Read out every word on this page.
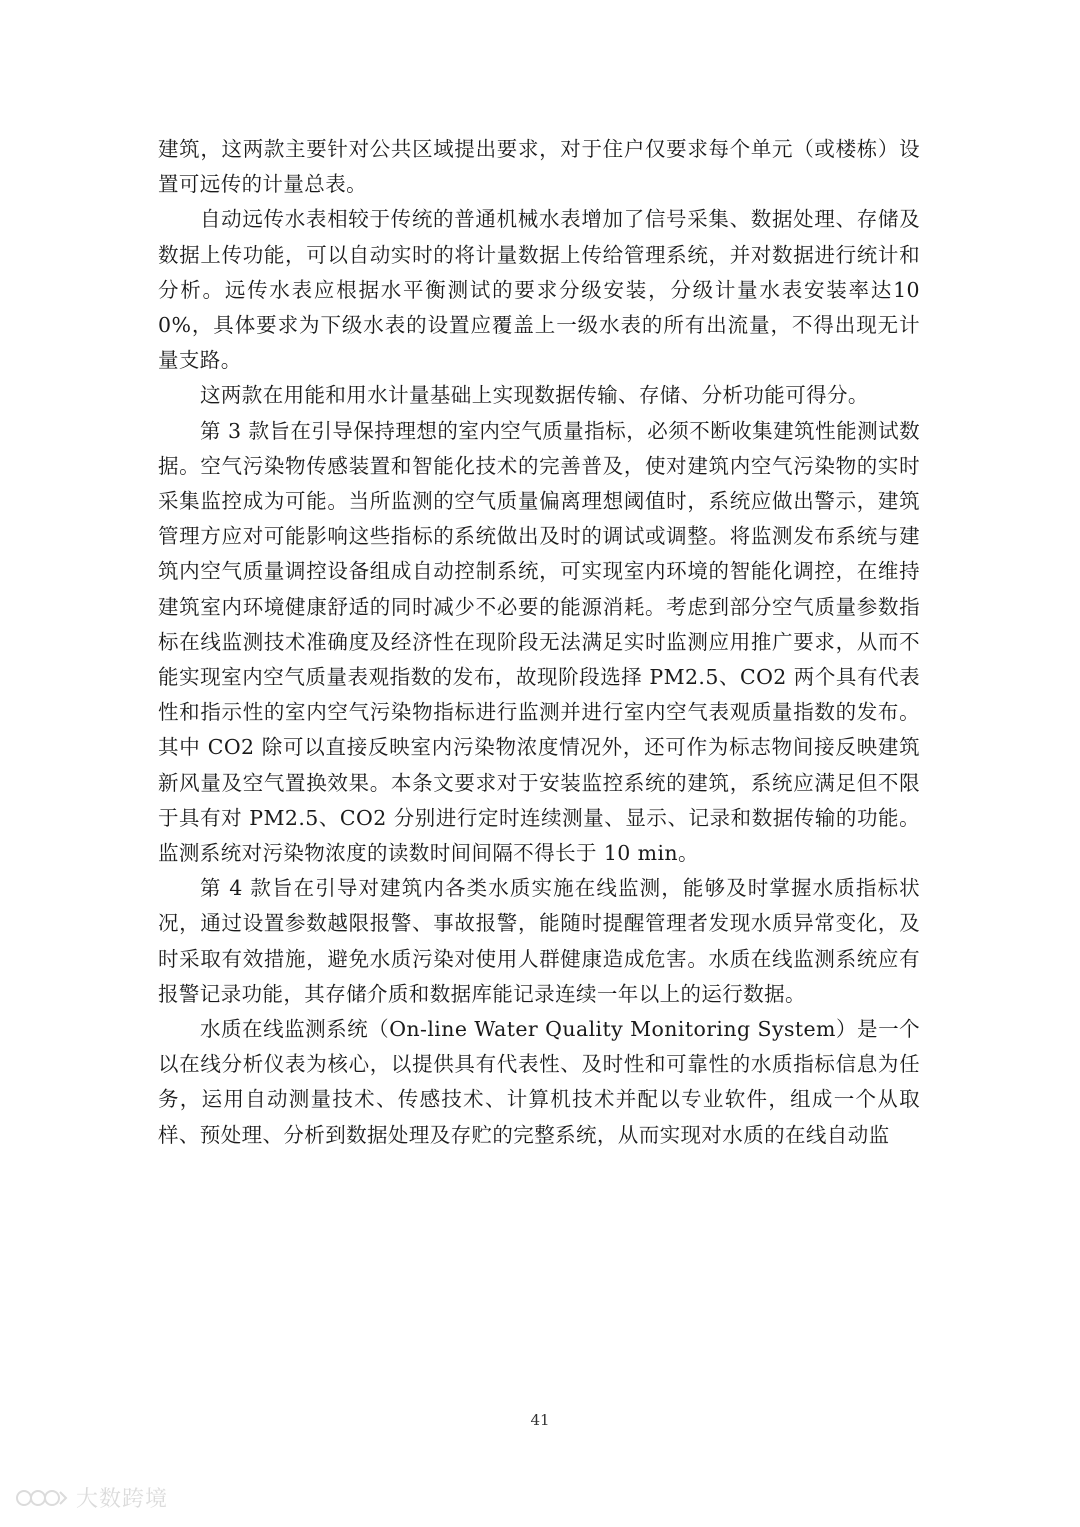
建筑，这两款主要针对公共区域提出要求，对于住户仅要求每个单元（或楼栋）设置可远传的计量总表。

自动远传水表相较于传统的普通机械水表增加了信号采集、数据处理、存储及数据上传功能，可以自动实时的将计量数据上传给管理系统，并对数据进行统计和分析。远传水表应根据水平衡测试的要求分级安装，分级计量水表安装率达100%，具体要求为下级水表的设置应覆盖上一级水表的所有出流量，不得出现无计量支路。

这两款在用能和用水计量基础上实现数据传输、存储、分析功能可得分。

第 3 款旨在引导保持理想的室内空气质量指标，必须不断收集建筑性能测试数据。空气污染物传感装置和智能化技术的完善普及，使对建筑内空气污染物的实时采集监控成为可能。当所监测的空气质量偏离理想阈值时，系统应做出警示，建筑管理方应对可能影响这些指标的系统做出及时的调试或调整。将监测发布系统与建筑内空气质量调控设备组成自动控制系统，可实现室内环境的智能化调控，在维持建筑室内环境健康舒适的同时减少不必要的能源消耗。考虑到部分空气质量参数指标在线监测技术准确度及经济性在现阶段无法满足实时监测应用推广要求，从而不能实现室内空气质量表观指数的发布，故现阶段选择 PM2.5、CO2 两个具有代表性和指示性的室内空气污染物指标进行监测并进行室内空气表观质量指数的发布。其中 CO2 除可以直接反映室内污染物浓度情况外，还可作为标志物间接反映建筑新风量及空气置换效果。本条文要求对于安装监控系统的建筑，系统应满足但不限于具有对 PM2.5、CO2 分别进行定时连续测量、显示、记录和数据传输的功能。监测系统对污染物浓度的读数时间间隔不得长于 10 min。

第 4 款旨在引导对建筑内各类水质实施在线监测，能够及时掌握水质指标状况，通过设置参数越限报警、事故报警，能随时提醒管理者发现水质异常变化，及时采取有效措施，避免水质污染对使用人群健康造成危害。水质在线监测系统应有报警记录功能，其存储介质和数据库能记录连续一年以上的运行数据。

水质在线监测系统（On-line Water Quality Monitoring System）是一个以在线分析仪表为核心，以提供具有代表性、及时性和可靠性的水质指标信息为任务，运用自动测量技术、传感技术、计算机技术并配以专业软件，组成一个从取样、预处理、分析到数据处理及存贮的完整系统，从而实现对水质的在线自动监

41
大数跨境
